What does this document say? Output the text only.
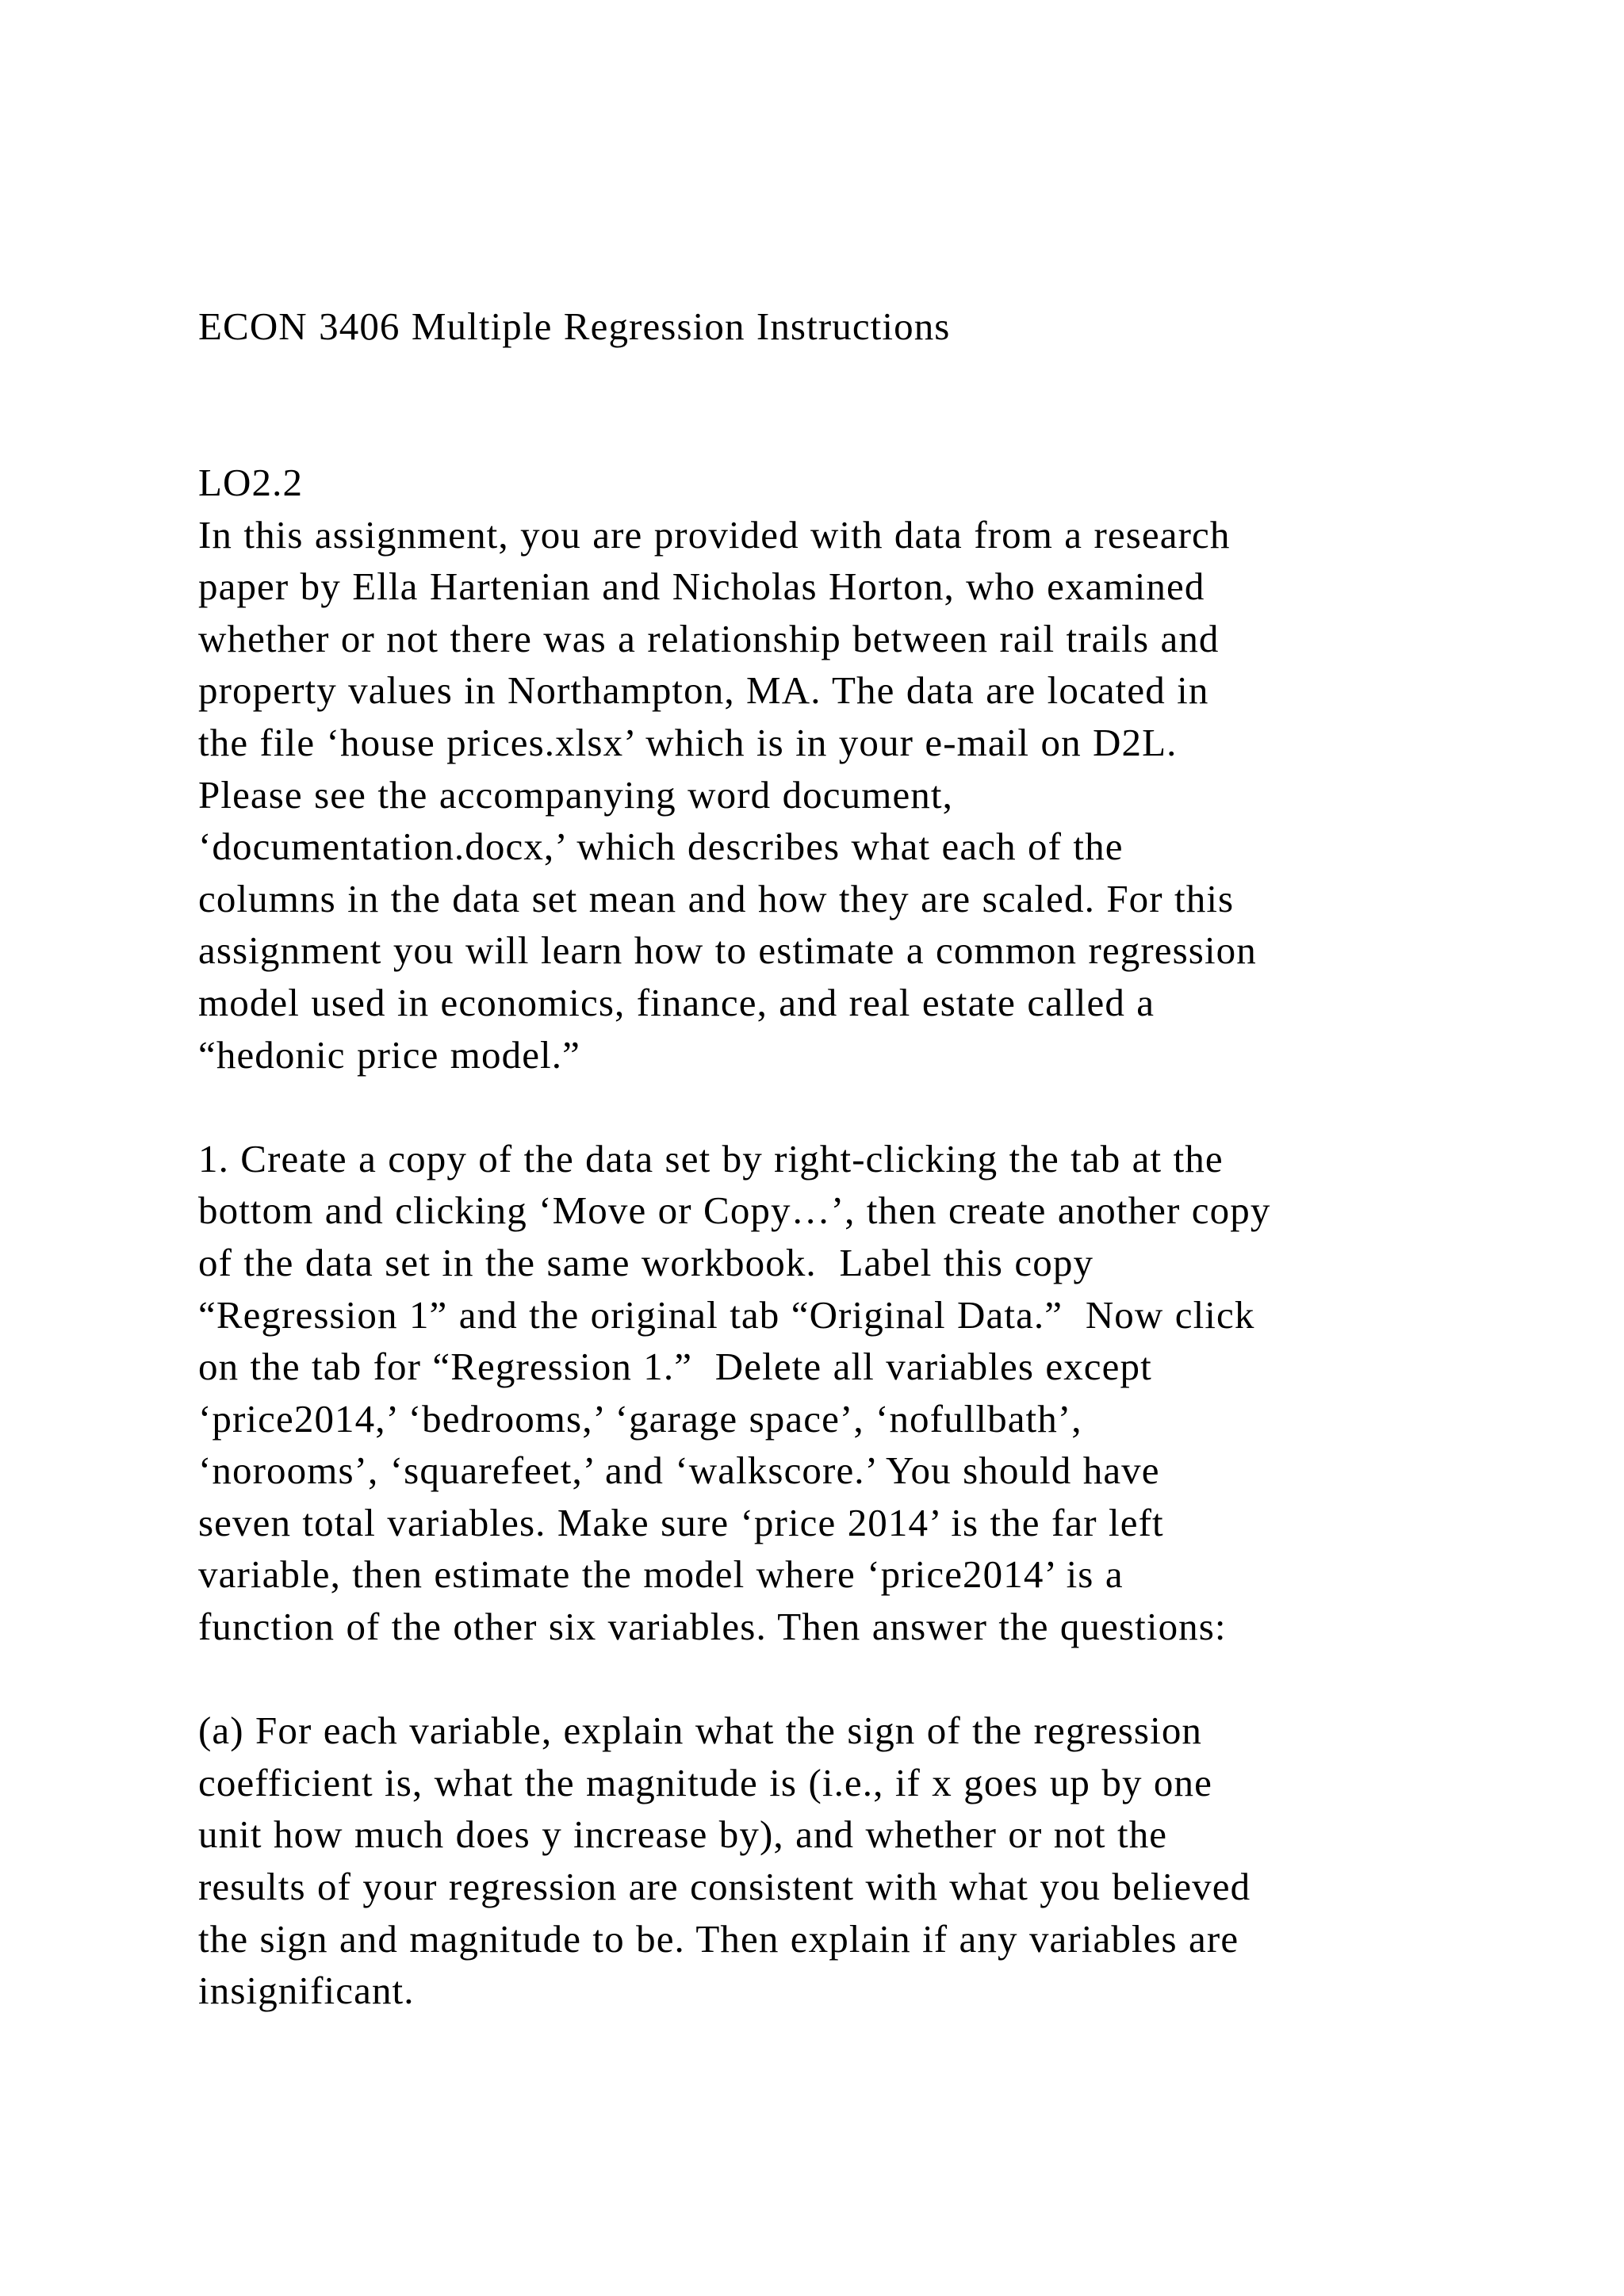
ECON 3406 Multiple Regression Instructions
LO2.2
In this assignment, you are provided with data from a research
paper by Ella Hartenian and Nicholas Horton, who examined
whether or not there was a relationship between rail trails and
property values in Northampton, MA. The data are located in
the file ‘house prices.xlsx’ which is in your e-mail on D2L.
Please see the accompanying word document,
‘documentation.docx,’ which describes what each of the
columns in the data set mean and how they are scaled. For this
assignment you will learn how to estimate a common regression
model used in economics, finance, and real estate called a
“hedonic price model.”
1. Create a copy of the data set by right-clicking the tab at the
bottom and clicking ‘Move or Copy…’, then create another copy
of the data set in the same workbook.  Label this copy
“Regression 1” and the original tab “Original Data.”  Now click
on the tab for “Regression 1.”  Delete all variables except
‘price2014,’ ‘bedrooms,’ ‘garage space’, ‘nofullbath’,
‘norooms’, ‘squarefeet,’ and ‘walkscore.’ You should have
seven total variables. Make sure ‘price 2014’ is the far left
variable, then estimate the model where ‘price2014’ is a
function of the other six variables. Then answer the questions:
(a) For each variable, explain what the sign of the regression
coefficient is, what the magnitude is (i.e., if x goes up by one
unit how much does y increase by), and whether or not the
results of your regression are consistent with what you believed
the sign and magnitude to be. Then explain if any variables are
insignificant.
